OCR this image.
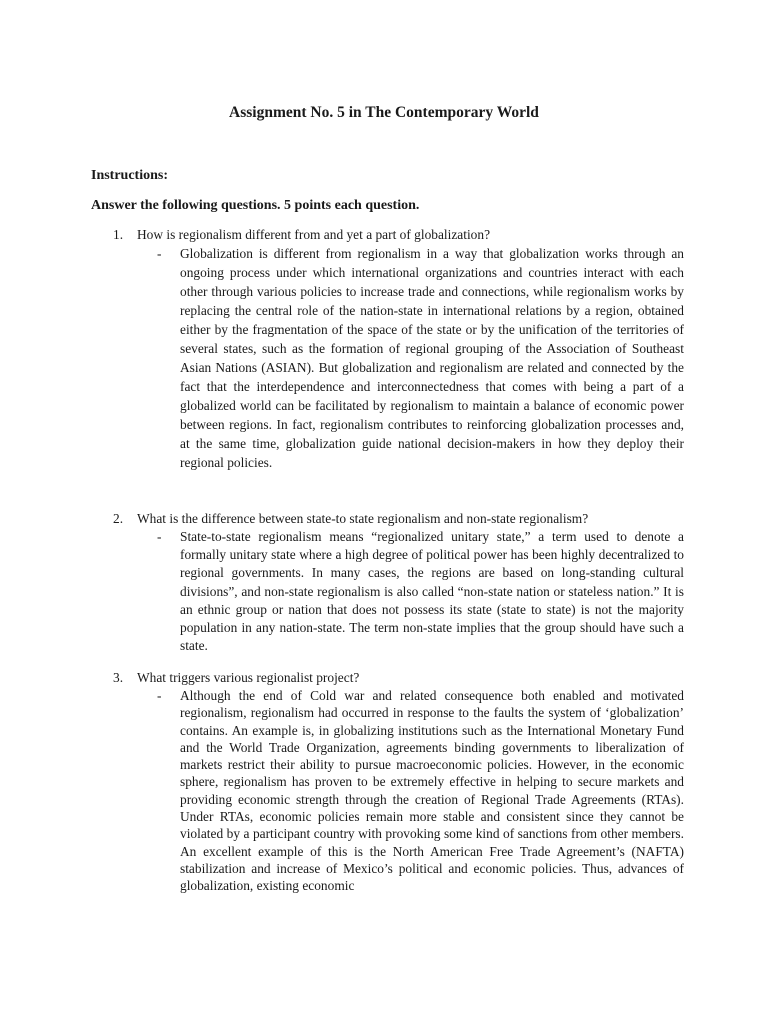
Assignment No. 5 in The Contemporary World
Instructions:
Answer the following questions. 5 points each question.
1. How is regionalism different from and yet a part of globalization?
- Globalization is different from regionalism in a way that globalization works through an ongoing process under which international organizations and countries interact with each other through various policies to increase trade and connections, while regionalism works by replacing the central role of the nation-state in international relations by a region, obtained either by the fragmentation of the space of the state or by the unification of the territories of several states, such as the formation of regional grouping of the Association of Southeast Asian Nations (ASIAN). But globalization and regionalism are related and connected by the fact that the interdependence and interconnectedness that comes with being a part of a globalized world can be facilitated by regionalism to maintain a balance of economic power between regions. In fact, regionalism contributes to reinforcing globalization processes and, at the same time, globalization guide national decision-makers in how they deploy their regional policies.
2. What is the difference between state-to state regionalism and non-state regionalism?
- State-to-state regionalism means “regionalized unitary state,” a term used to denote a formally unitary state where a high degree of political power has been highly decentralized to regional governments. In many cases, the regions are based on long-standing cultural divisions”, and non-state regionalism is also called “non-state nation or stateless nation.” It is an ethnic group or nation that does not possess its state (state to state) is not the majority population in any nation-state. The term non-state implies that the group should have such a state.
3. What triggers various regionalist project?
- Although the end of Cold war and related consequence both enabled and motivated regionalism, regionalism had occurred in response to the faults the system of ‘globalization’ contains. An example is, in globalizing institutions such as the International Monetary Fund and the World Trade Organization, agreements binding governments to liberalization of markets restrict their ability to pursue macroeconomic policies. However, in the economic sphere, regionalism has proven to be extremely effective in helping to secure markets and providing economic strength through the creation of Regional Trade Agreements (RTAs). Under RTAs, economic policies remain more stable and consistent since they cannot be violated by a participant country with provoking some kind of sanctions from other members. An excellent example of this is the North American Free Trade Agreement’s (NAFTA) stabilization and increase of Mexico’s political and economic policies. Thus, advances of globalization, existing economic
